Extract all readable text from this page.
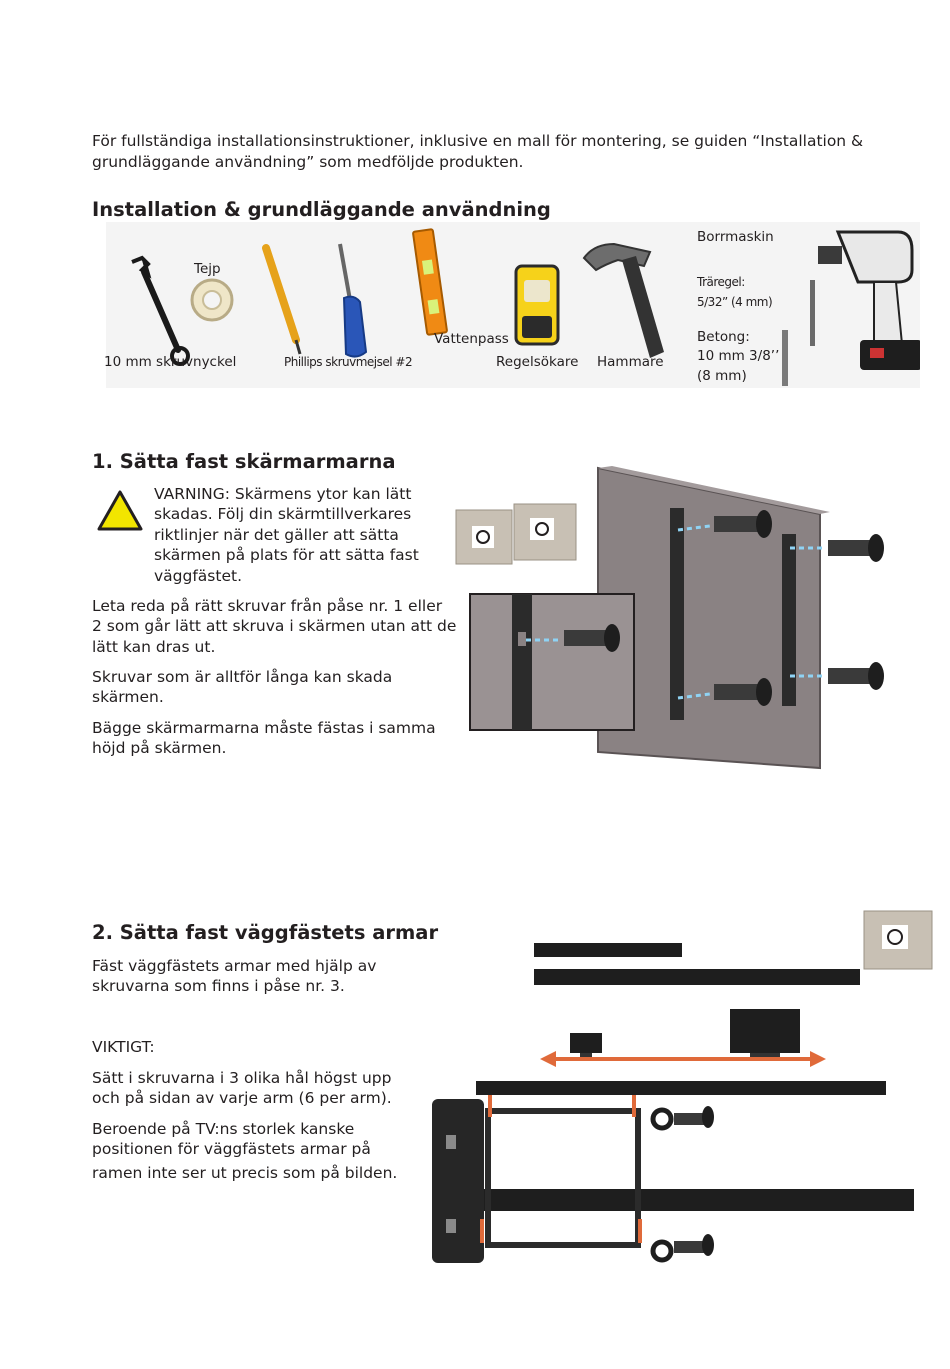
För fullständiga installationsinstruktioner, inklusive en mall för montering, se guiden “Installation &

grundläggande användning” som medföljde produkten.

Installation & grundläggande användning
10 mm skruvnyckel
Tejp
Phillips skruvmejsel #2
Vattenpass
Regelsökare Hammare
Borrmaskin
Träregel:
5/32” (4 mm)
Betong:
10 mm 3/8’’
(8 mm)
1. Sätta fast skärmarmarna

VARNING: Skärmens ytor kan lätt

skadas. Följ din skärmtillverkares

riktlinjer när det gäller att sätta

skärmen på plats för att sätta fast

väggfästet.

Leta reda på rätt skruvar från påse nr. 1 eller

2 som går lätt att skruva i skärmen utan att de

lätt kan dras ut.

Skruvar som är alltför långa kan skada

skärmen.

Bägge skärmarmarna måste fästas i samma

höjd på skärmen.

2. Sätta fast väggfästets armar

Fäst väggfästets armar med hjälp av

skruvarna som finns i påse nr. 3.

VIKTIGT:

Sätt i skruvarna i 3 olika hål högst upp

och på sidan av varje arm (6 per arm).

Beroende på TV:ns storlek kanske

positionen för väggfästets armar på

ramen inte ser ut precis som på bilden.
